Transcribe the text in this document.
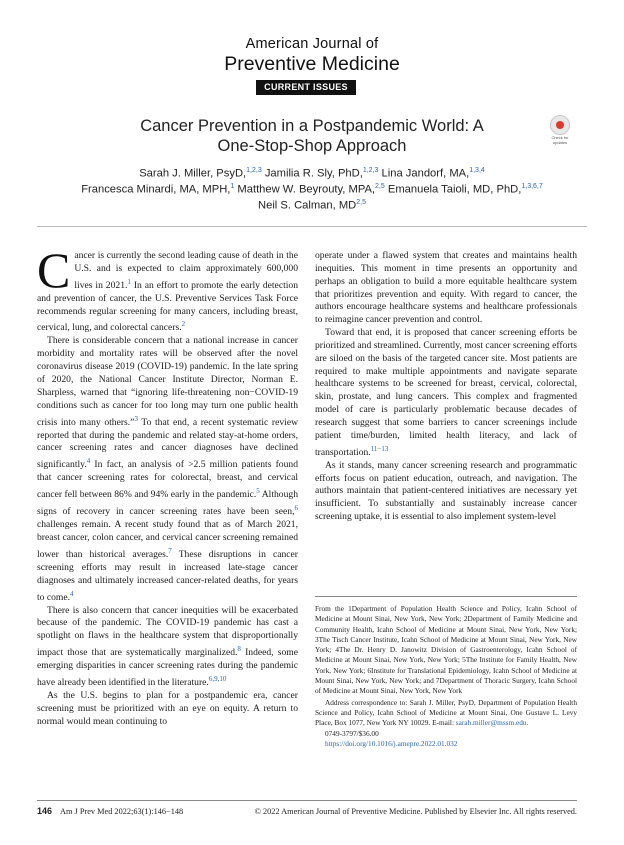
American Journal of
Preventive Medicine
CURRENT ISSUES
Cancer Prevention in a Postpandemic World: A
One-Stop-Shop Approach	Check for
updates
Sarah J. Miller, PsyD,$^{1,2,3}$ Jamilia R. Sly, PhD,$^{1,2,3}$ Lina Jandorf, MA,$^{1,3,4}$
Francesca Minardi, MA, MPH,$^1$ Matthew W. Beyrouty, MPA,$^{2,5}$ Emanuela Taioli, MD, PhD,$^{1,3,6,7}$
Neil S. Calman, MD$^{2,5}$

Cancer is currently the second leading cause of death in the U.S. and is expected to claim approximately 600,000 lives in 2021.$^1$ In an effort to promote the early detection and prevention of cancer, the U.S. Preventive Services Task Force recommends regular screening for many cancers, including breast, cervical, lung, and colorectal cancers.$^2$

There is considerable concern that a national increase in cancer morbidity and mortality rates will be observed after the novel coronavirus disease 2019 (COVID-19) pandemic. In the late spring of 2020, the National Cancer Institute Director, Norman E. Sharpless, warned that “ignoring life-threatening non−COVID-19 conditions such as cancer for too long may turn one public health crisis into many others.”$^3$ To that end, a recent systematic review reported that during the pandemic and related stay-at-home orders, cancer screening rates and cancer diagnoses have declined significantly.$^4$ In fact, an analysis of >2.5 million patients found that cancer screening rates for colorectal, breast, and cervical cancer fell between 86% and 94% early in the pandemic.$^5$ Although signs of recovery in cancer screening rates have been seen,$^6$ challenges remain. A recent study found that as of March 2021, breast cancer, colon cancer, and cervical cancer screening remained lower than historical averages.$^7$ These disruptions in cancer screening efforts may result in increased late-stage cancer diagnoses and ultimately increased cancer-related deaths, for years to come.$^4$

There is also concern that cancer inequities will be exacerbated because of the pandemic. The COVID-19 pandemic has cast a spotlight on flaws in the healthcare system that disproportionally impact those that are systematically marginalized.$^8$ Indeed, some emerging disparities in cancer screening rates during the pandemic have already been identified in the literature.$^{6,9,10}$

As the U.S. begins to plan for a postpandemic era, cancer screening must be prioritized with an eye on equity. A return to normal would mean continuing to

operate under a flawed system that creates and maintains health inequities. This moment in time presents an opportunity and perhaps an obligation to build a more equitable healthcare system that prioritizes prevention and equity. With regard to cancer, the authors encourage healthcare systems and healthcare professionals to reimagine cancer prevention and control.

Toward that end, it is proposed that cancer screening efforts be prioritized and streamlined. Currently, most cancer screening efforts are siloed on the basis of the targeted cancer site. Most patients are required to make multiple appointments and navigate separate healthcare systems to be screened for breast, cervical, colorectal, skin, prostate, and lung cancers. This complex and fragmented model of care is particularly problematic because decades of research suggest that some barriers to cancer screenings include patient time/burden, limited health literacy, and lack of transportation.$^{11-13}$

As it stands, many cancer screening research and programmatic efforts focus on patient education, outreach, and navigation. The authors maintain that patient-centered initiatives are necessary yet insufficient. To substantially and sustainably increase cancer screening uptake, it is essential to also implement system-level

From the 1Department of Population Health Science and Policy, Icahn School of Medicine at Mount Sinai, New York, New York; 2Department of Family Medicine and Community Health, Icahn School of Medicine at Mount Sinai, New York, New York; 3The Tisch Cancer Institute, Icahn School of Medicine at Mount Sinai, New York, New York; 4The Dr. Henry D. Janowitz Division of Gastroenterology, Icahn School of Medicine at Mount Sinai, New York, New York; 5The Institute for Family Health, New York, New York; 6Institute for Translational Epidemiology, Icahn School of Medicine at Mount Sinai, New York, New York; and 7Department of Thoracic Surgery, Icahn School of Medicine at Mount Sinai, New York, New York

Address correspondence to: Sarah J. Miller, PsyD, Department of Population Health Science and Policy, Icahn School of Medicine at Mount Sinai, One Gustave L. Levy Place, Box 1077, New York NY 10029. E-mail: sarah.miller@mssm.edu.

0749-3797/$36.00

https://doi.org/10.1016/j.amepre.2022.01.032

146 Am J Prev Med 2022;63(1):146−148	© 2022 American Journal of Preventive Medicine. Published by Elsevier Inc. All rights reserved.
